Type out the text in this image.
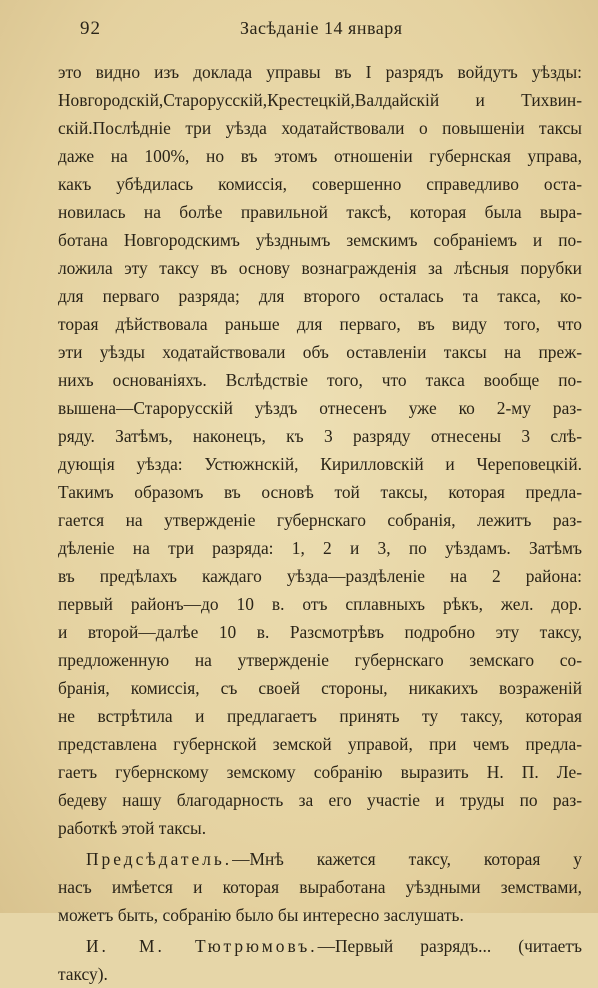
92	Засѣданіе 14 января
это видно изъ доклада управы въ I разрядъ войдутъ уѣзды:
Новгородскій,Старорусскій,Крестецкій,Валдайскій и Тихвин-
скій.Послѣдніе три уѣзда ходатайствовали о повышеніи таксы
даже на 100%, но въ этомъ отношеніи губернская управа,
какъ убѣдилась комиссія, совершенно справедливо оста-
новилась на болѣе правильной таксѣ, которая была выра-
ботана Новгородскимъ уѣзднымъ земскимъ собраніемъ и по-
ложила эту таксу въ основу вознагражденія за лѣсныя порубки
для перваго разряда; для второго осталась та такса, ко-
торая дѣйствовала раньше для перваго, въ виду того, что
эти уѣзды ходатайствовали объ оставленіи таксы на преж-
нихъ основаніяхъ. Вслѣдствіе того, что такса вообще по-
вышена—Старорусскій уѣздъ отнесенъ уже ко 2-му раз-
ряду. Затѣмъ, наконецъ, къ 3 разряду отнесены 3 слѣ-
дующія уѣзда: Устюжнскій, Кирилловскій и Череповецкій.
Такимъ образомъ въ основѣ той таксы, которая предла-
гается на утвержденіе губернскаго собранія, лежитъ раз-
дѣленіе на три разряда: 1, 2 и 3, по уѣздамъ. Затѣмъ
въ предѣлахъ каждаго уѣзда—раздѣленіе на 2 района:
первый районъ—до 10 в. отъ сплавныхъ рѣкъ, жел. дор.
и второй—далѣе 10 в. Разсмотрѣвъ подробно эту таксу,
предложенную на утвержденіе губернскаго земскаго со-
бранія, комиссія, съ своей стороны, никакихъ возраженій
не встрѣтила и предлагаетъ принять ту таксу, которая
представлена губернской земской управой, при чемъ предла-
гаетъ губернскому земскому собранію выразить Н. П. Ле-
бедеву нашу благодарность за его участіе и труды по раз-
работкѣ этой таксы.
Предсѣдатель.—Мнѣ кажется таксу, которая у
насъ имѣется и которая выработана уѣздными земствами,
можетъ быть, собранію было бы интересно заслушать.
И. М. Тютрюмовъ.—Первый разрядъ... (читаетъ
таксу).
